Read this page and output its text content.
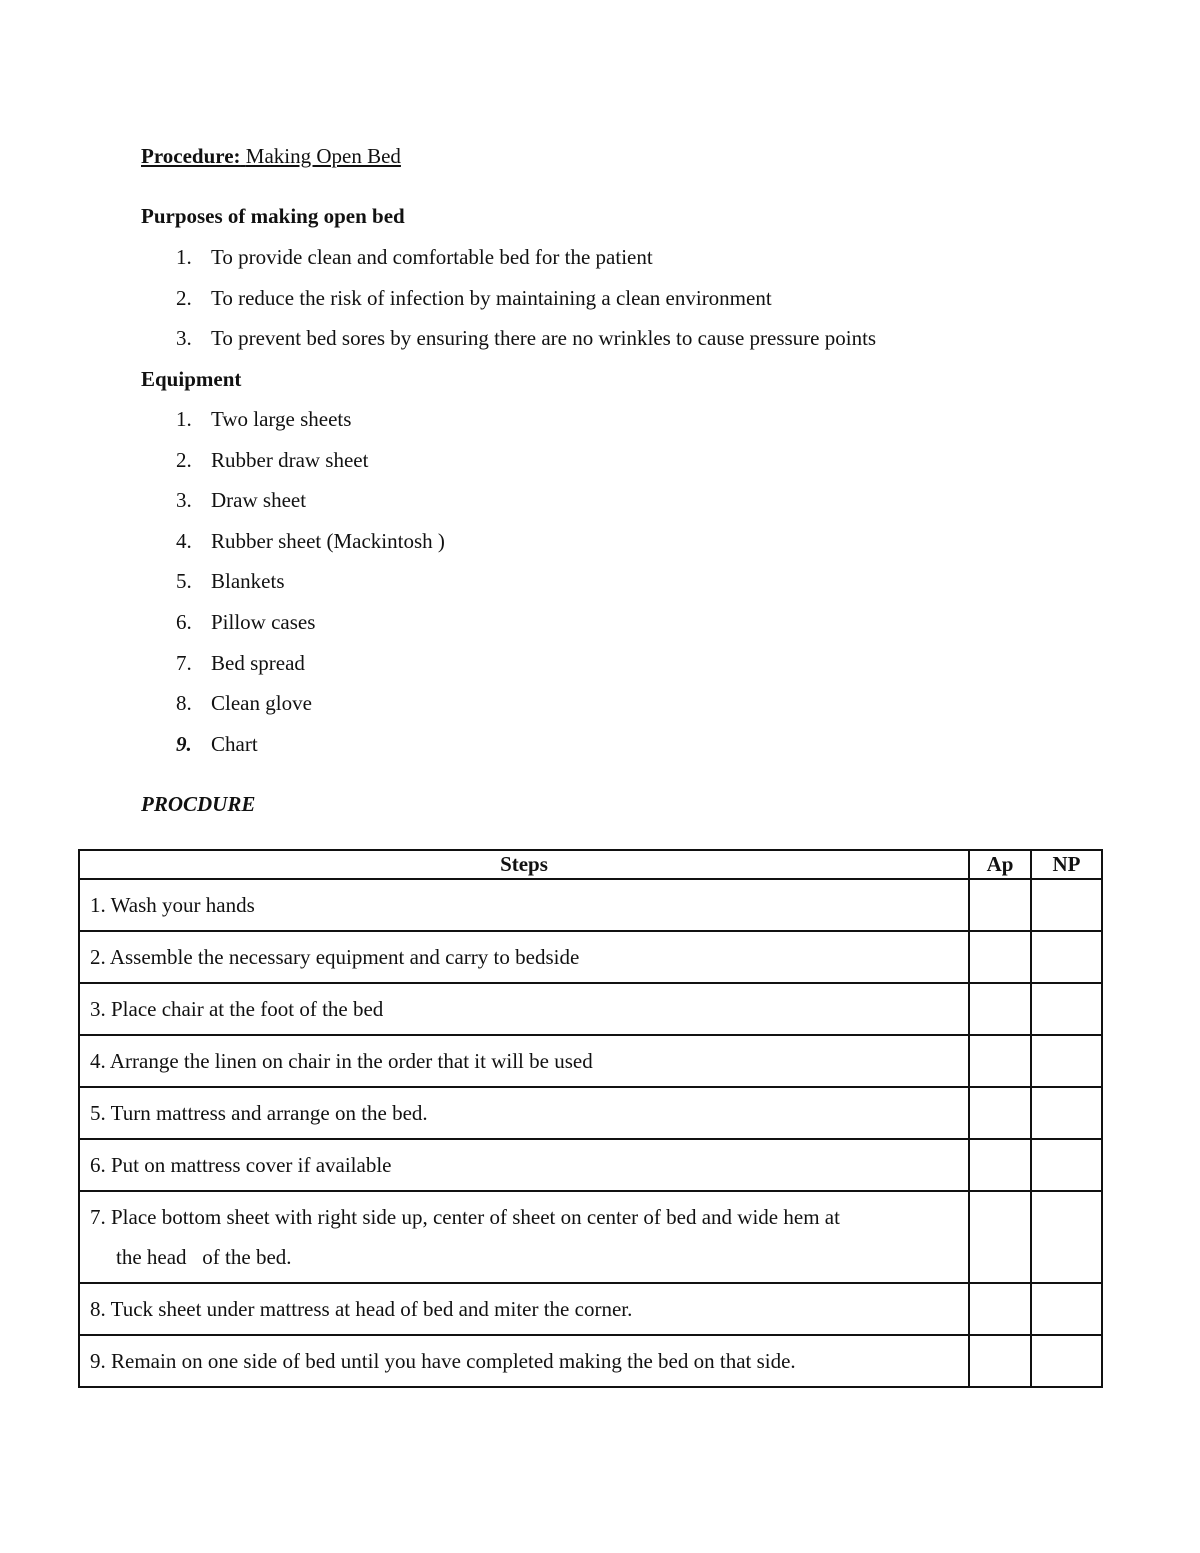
Procedure: Making Open Bed
Purposes of making open bed
1. To provide clean and comfortable bed for the patient
2. To reduce the risk of infection by maintaining a clean environment
3. To prevent bed sores by ensuring there are no wrinkles to cause pressure points
Equipment
1. Two large sheets
2. Rubber draw sheet
3. Draw sheet
4. Rubber sheet (Mackintosh )
5. Blankets
6. Pillow cases
7. Bed spread
8. Clean glove
9. Chart
PROCDURE
Steps	Ap	NP
1. Wash your hands		
2. Assemble the necessary equipment and carry to bedside		
3. Place chair at the foot of the bed		
4. Arrange the linen on chair in the order that it will be used		
5. Turn mattress and arrange on the bed.		
6. Put on mattress cover if available		

7. Place bottom sheet with right side up, center of sheet on center of bed and wide hem at
the head   of the bed.		

8. Tuck sheet under mattress at head of bed and miter the corner.		
9. Remain on one side of bed until you have completed making the bed on that side.		
